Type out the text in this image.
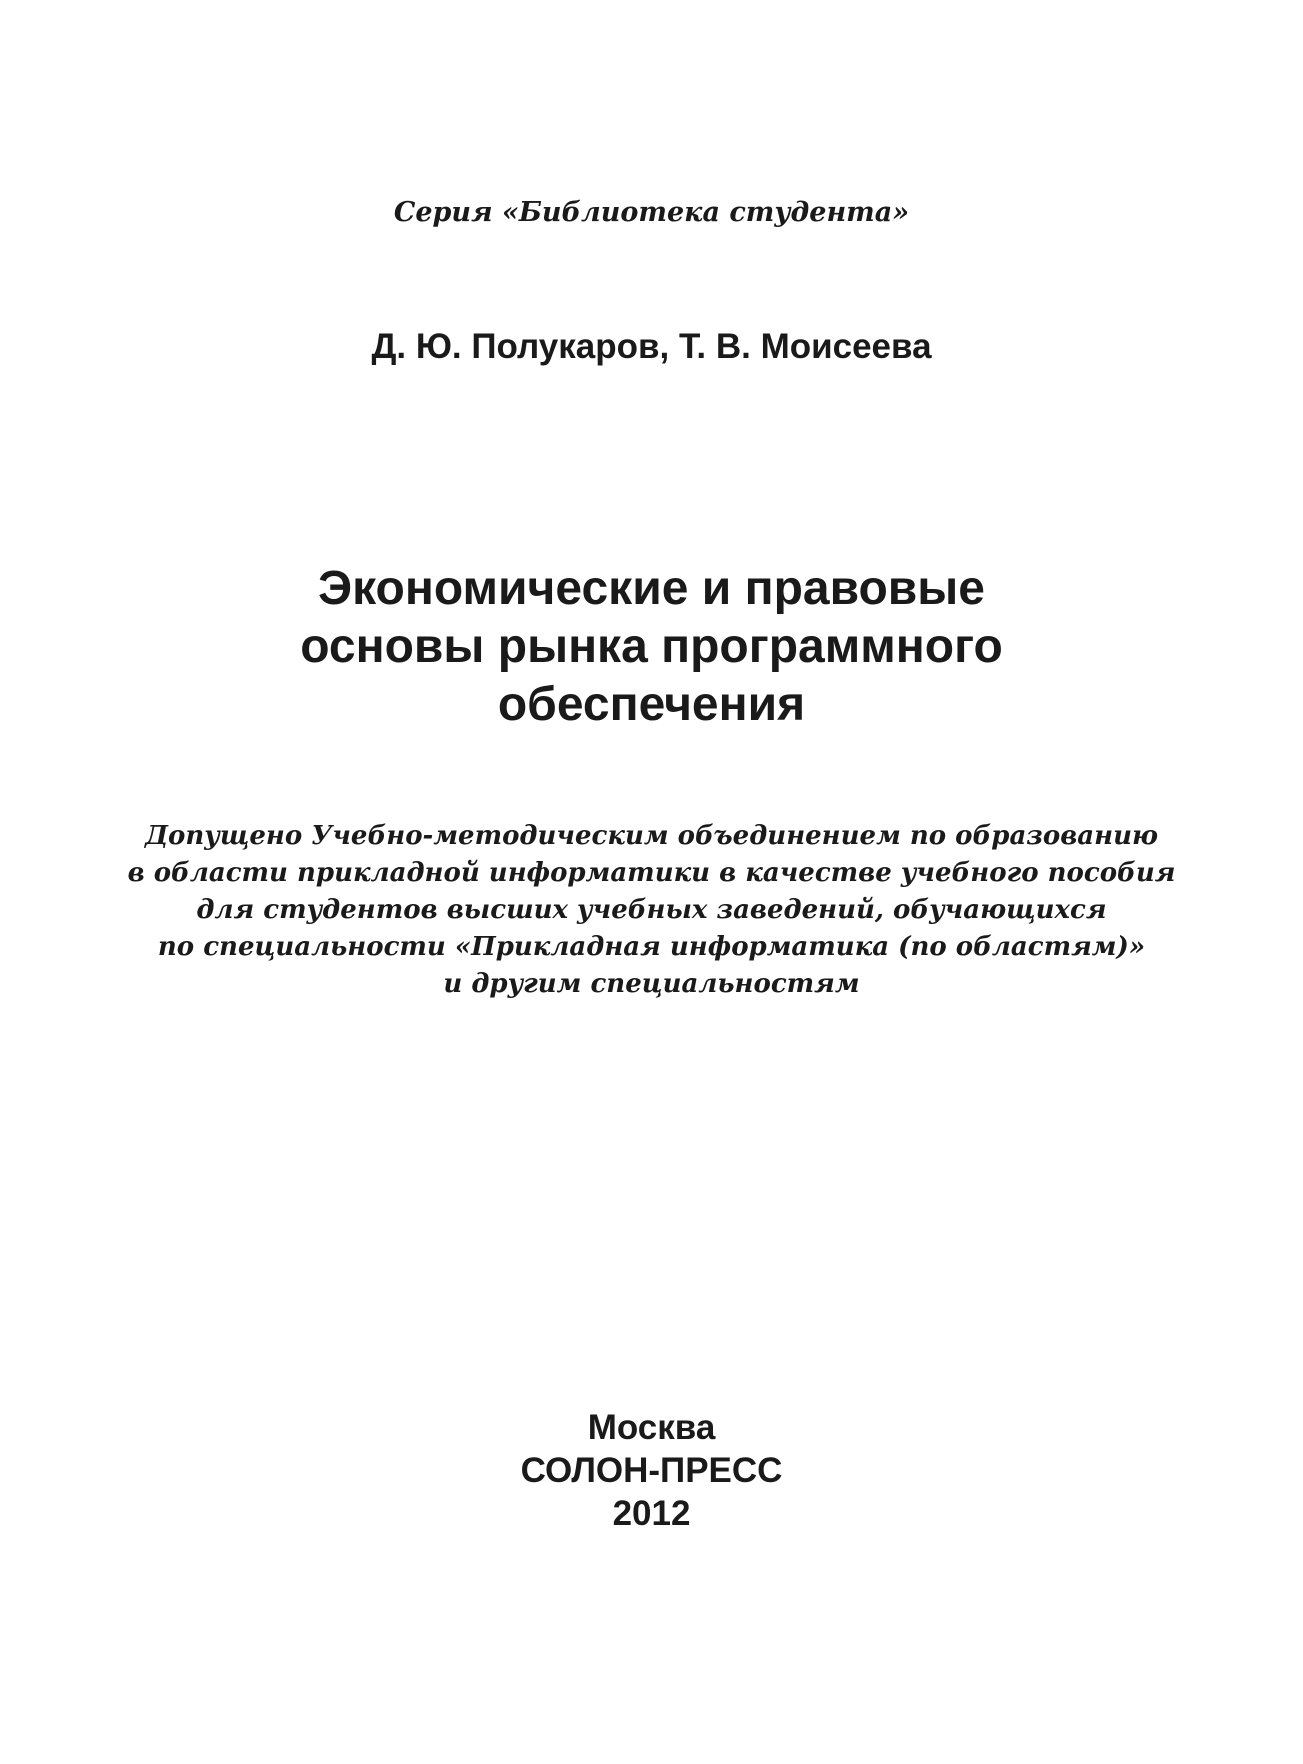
Серия «Библиотека студента»

Д. Ю. Полукаров, Т. В. Моисеева

Экономические и правовые
основы рынка программного
обеспечения
Допущено Учебно-методическим объединением по образованию
в области прикладной информатики в качестве учебного пособия
для студентов высших учебных заведений, обучающихся
по специальности «Прикладная информатика (по областям)»
и другим специальностям
Москва
СОЛОН-ПРЕСС
2012
